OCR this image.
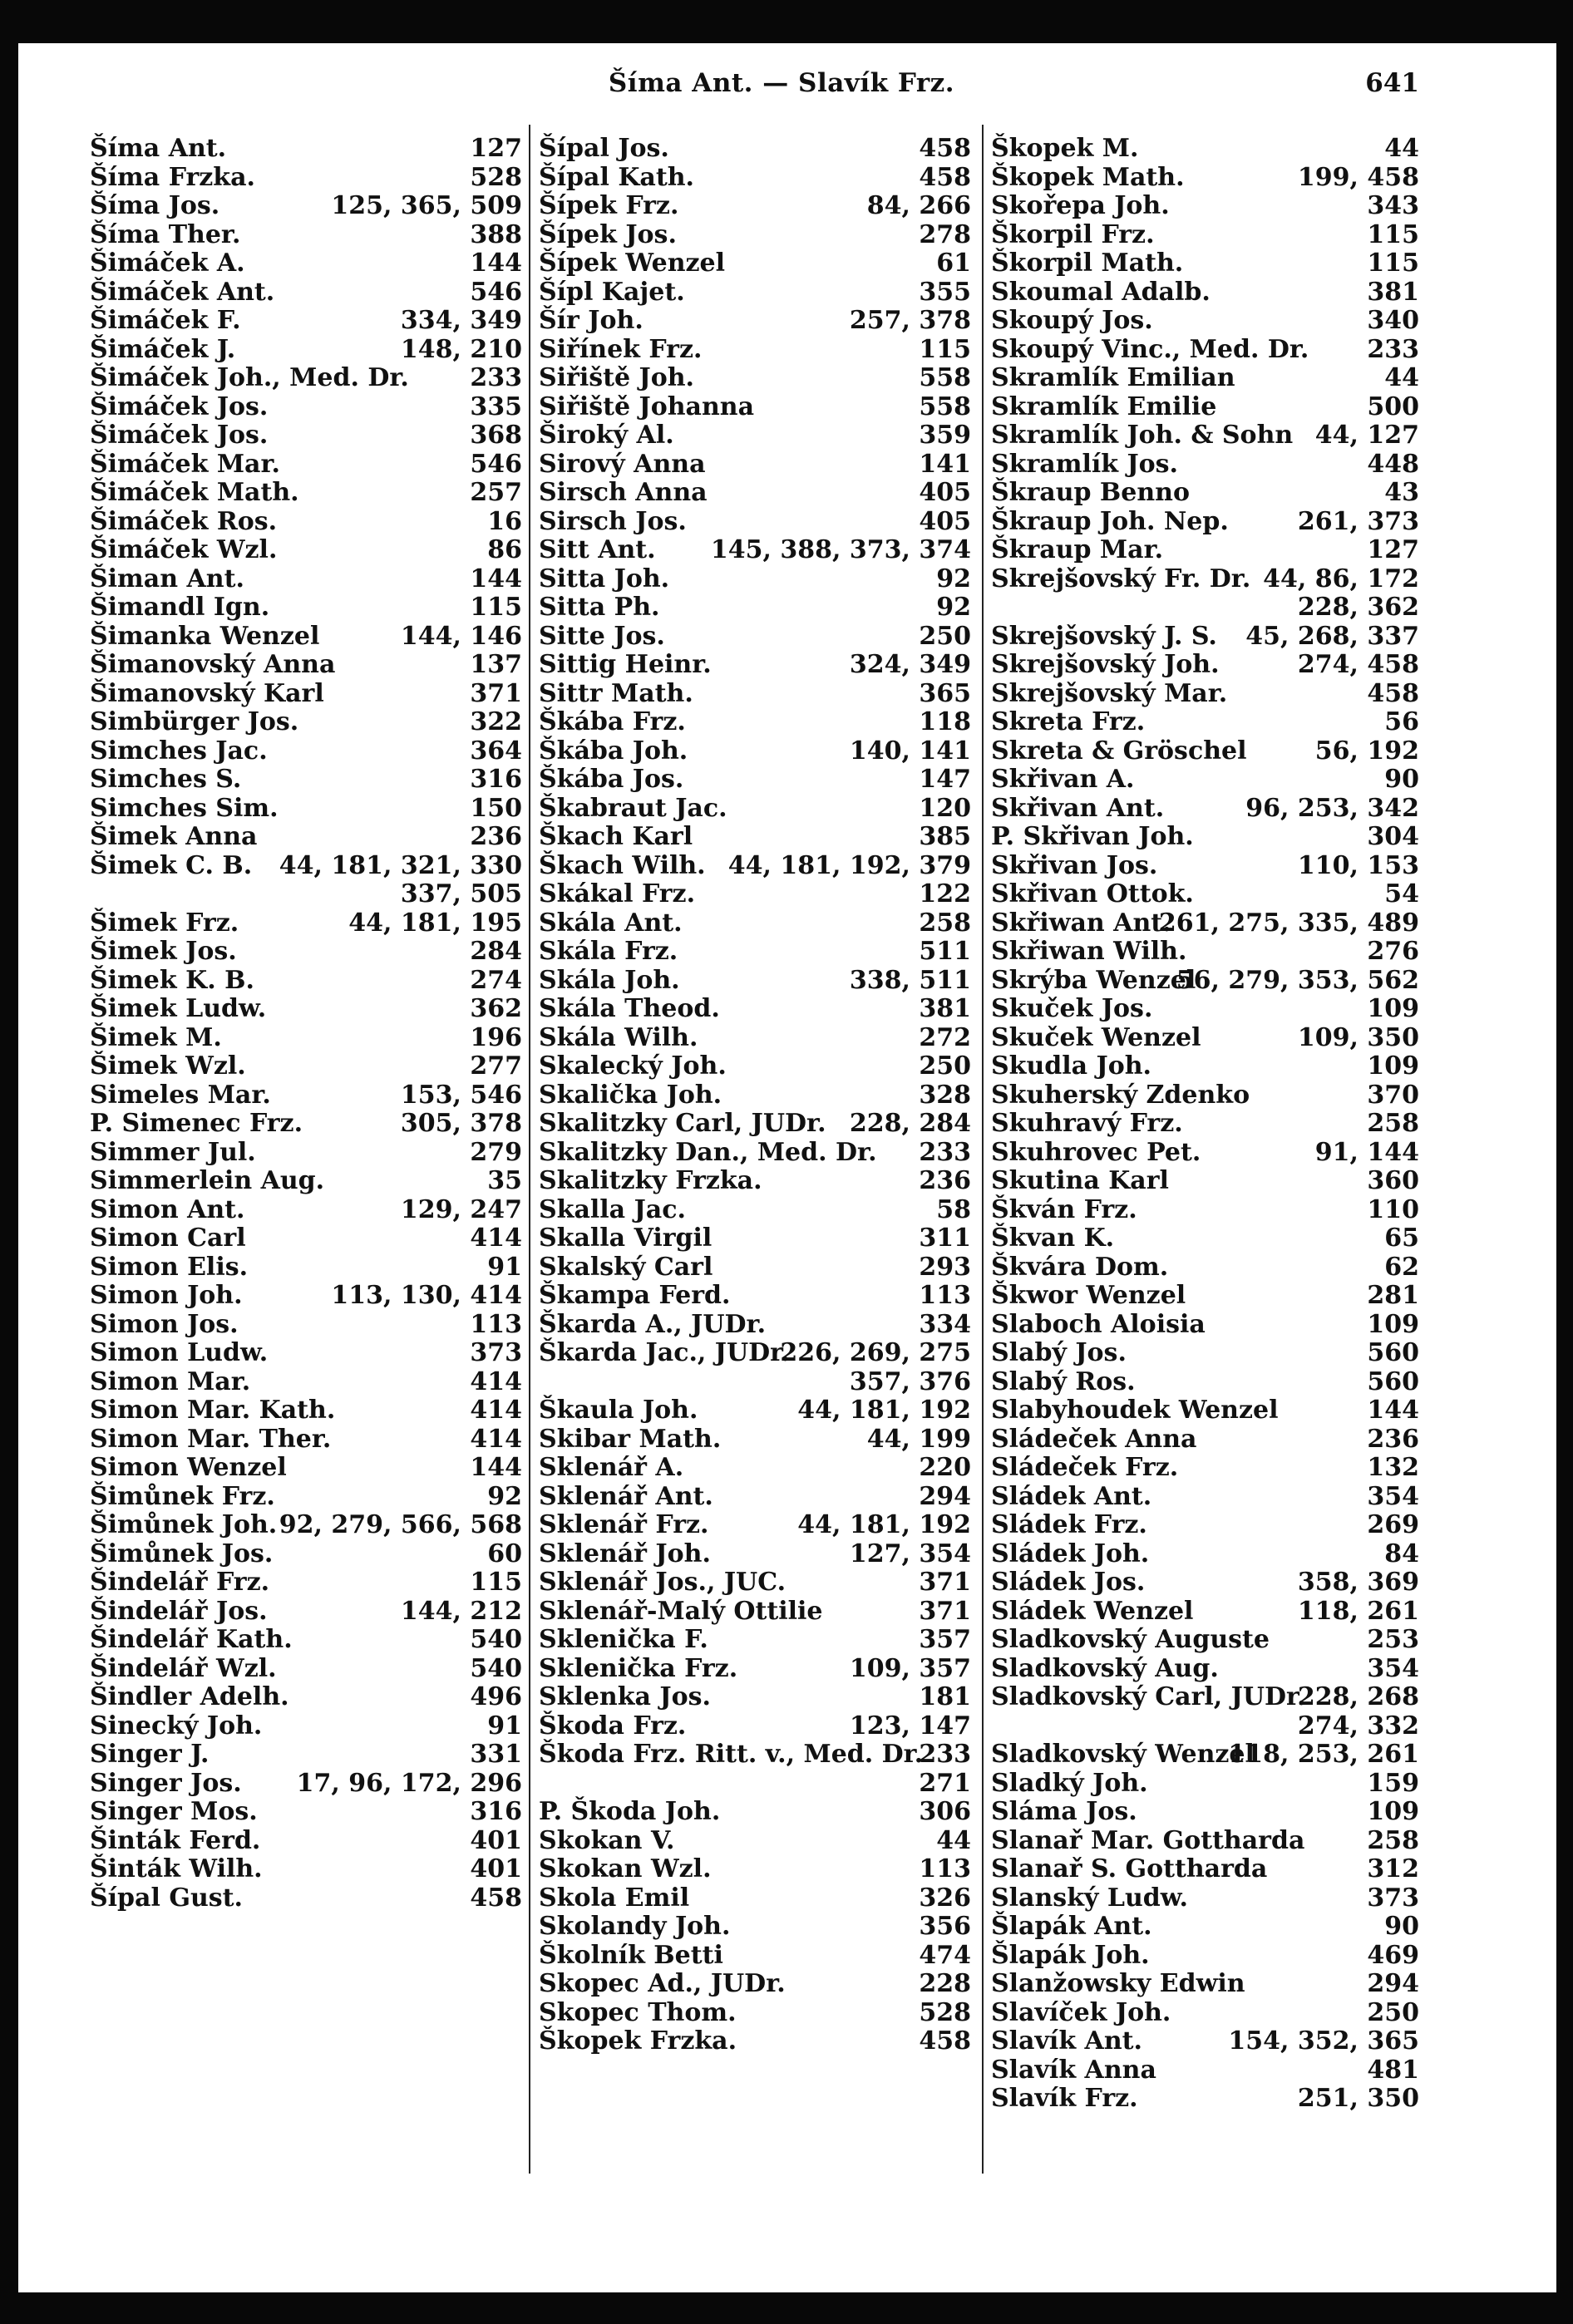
Šíma Ant. — Slavík Frz.	641
Šíma Ant.	127
Šíma Frzka.	528
Šíma Jos.	125, 365, 509
Šíma Ther.	388
Šimáček A.	144
Šimáček Ant.	546
Šimáček F.	334, 349
Šimáček J.	148, 210
Šimáček Joh., Med. Dr. 233
Šimáček Jos.	335
Šimáček Jos.	368
Šimáček Mar.	546
Šimáček Math.	257
Šimáček Ros.	16
Šimáček Wzl.	86
Šiman Ant.	144
Šimandl Ign.	115
Šimanka Wenzel	144, 146
Šimanovský Anna	137
Šimanovský Karl	371
Simbürger Jos.	322
Simches Jac.	364
Simches S.	316
Simches Sim.	150
Šimek Anna	236
Šimek C. B. 44, 181, 321, 330
337, 505
Šimek Frz.	44, 181, 195
Šimek Jos.	284
Šimek K. B.	274
Šimek Ludw.	362
Šimek M.	196
Šimek Wzl.	277
Simeles Mar.	153, 546
P. Simenec Frz.	305, 378
Simmer Jul.	279
Simmerlein Aug.	35
Simon Ant.	129, 247
Simon Carl	414
Simon Elis.	91
Simon Joh.	113, 130, 414
Simon Jos.	113
Simon Ludw.	373
Simon Mar.	414
Simon Mar. Kath.	414
Simon Mar. Ther.	414
Simon Wenzel	144
Šimůnek Frz.	92
Šimůnek Joh. 92, 279, 566, 568
Šimůnek Jos.	60
Šindelář Frz.	115
Šindelář Jos.	144, 212
Šindelář Kath.	540
Šindelář Wzl.	540
Šindler Adelh.	496
Sinecký Joh.	91
Singer J.	331
Singer Jos. 17, 96, 172, 296
Singer Mos.	316
Šinták Ferd.	401
Šinták Wilh.	401
Šípal Gust.	458
Šípal Jos.	458
Šípal Kath.	458
Šípek Frz.	84, 266
Šípek Jos.	278
Šípek Wenzel	61
Šípl Kajet.	355
Šír Joh.	257, 378
Siřínek Frz.	115
Siřiště Joh.	558
Siřiště Johanna	558
Široký Al.	359
Sirový Anna	141
Sirsch Anna	405
Sirsch Jos.	405
Sitt Ant. 145, 388, 373, 374
Sitta Joh.	92
Sitta Ph.	92
Sitte Jos.	250
Sittig Heinr.	324, 349
Sittr Math.	365
Škába Frz.	118
Škába Joh.	140, 141
Škába Jos.	147
Škabraut Jac.	120
Škach Karl	385
Škach Wilh. 44, 181, 192, 379
Skákal Frz.	122
Skála Ant.	258
Skála Frz.	511
Skála Joh.	338, 511
Skála Theod.	381
Skála Wilh.	272
Skalecký Joh.	250
Skalička Joh.	328
Skalitzky Carl, JUDr. 228, 284
Skalitzky Dan., Med. Dr. 233
Skalitzky Frzka.	236
Skalla Jac.	58
Skalla Virgil	311
Skalský Carl	293
Škampa Ferd.	113
Škarda A., JUDr.	334
Škarda Jac., JUDr.
226, 269, 275
357, 376
Škaula Joh.	44, 181, 192
Skibar Math.	44, 199
Sklenář A.	220
Sklenář Ant.	294
Sklenář Frz.	44, 181, 192
Sklenář Joh.	127, 354
Sklenář Jos., JUC.	371
Sklenář-Malý Ottilie	371
Sklenička F.	357
Sklenička Frz.	109, 357
Sklenka Jos.	181
Škoda Frz.	123, 147
Škoda Frz. Ritt. v., Med. Dr.
233
271
P. Škoda Joh.	306
Skokan V.	44
Skokan Wzl.	113
Skola Emil	326
Skolandy Joh.	356
Školník Betti	474
Skopec Ad., JUDr.	228
Skopec Thom.	528
Škopek Frzka.	458
Škopek M.	44
Škopek Math.	199, 458
Skořepa Joh.	343
Škorpil Frz.	115
Škorpil Math.	115
Skoumal Adalb.	381
Skoupý Jos.	340
Skoupý Vinc., Med. Dr. 233
Skramlík Emilian	44
Skramlík Emilie	500
Skramlík Joh. & Sohn 44, 127
Skramlík Jos.	448
Škraup Benno	43
Škraup Joh. Nep.	261, 373
Škraup Mar.	127
Skrejšovský Fr. Dr. 44, 86, 172
228, 362
Skrejšovský J. S. 45, 268, 337
Skrejšovský Joh.	274, 458
Skrejšovský Mar.	458
Skreta Frz.	56
Skreta & Gröschel	56, 192
Skřivan A.	90
Skřivan Ant.	96, 253, 342
P. Skřivan Joh.	304
Skřivan Jos.	110, 153
Skřivan Ottok.	54
Skřiwan Ant.
261, 275, 335, 489
Skřiwan Wilh.	276
Skrýba Wenzel
56, 279, 353, 562
Skuček Jos.	109
Skuček Wenzel	109, 350
Skudla Joh.	109
Skuherský Zdenko	370
Skuhravý Frz.	258
Skuhrovec Pet.	91, 144
Skutina Karl	360
Škván Frz.	110
Škvan K.	65
Škvára Dom.	62
Škwor Wenzel	281
Slaboch Aloisia	109
Slabý Jos.	560
Slabý Ros.	560
Slabyhoudek Wenzel	144
Sládeček Anna	236
Sládeček Frz.	132
Sládek Ant.	354
Sládek Frz.	269
Sládek Joh.	84
Sládek Jos.	358, 369
Sládek Wenzel	118, 261
Sladkovský Auguste	253
Sladkovský Aug.	354
Sladkovský Carl, JUDr.
228, 268
274, 332
Sladkovský Wenzel
118, 253, 261
Sladký Joh.	159
Sláma Jos.	109
Slanař Mar. Gottharda 258
Slanař S. Gottharda	312
Slanský Ludw.	373
Šlapák Ant.	90
Šlapák Joh.	469
Slanžowsky Edwin	294
Slavíček Joh.	250
Slavík Ant.	154, 352, 365
Slavík Anna	481
Slavík Frz.	251, 350
